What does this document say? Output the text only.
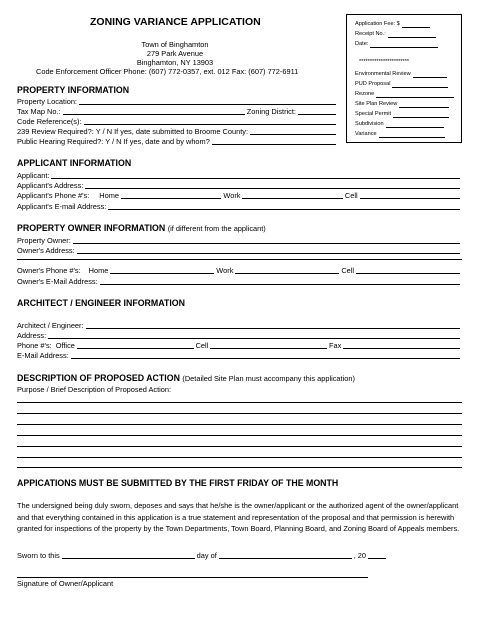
ZONING VARIANCE APPLICATION
Town of Binghamton
279 Park Avenue
Binghamton, NY 13903
Code Enforcement Officer Phone: (607) 772-0357, ext. 012 Fax: (607) 772-6911
Application Fee: $
Receipt No.:
Date:
***********************
Environmental Review
PUD Proposal
Rezone
Site Plan Review
Special Permit
Subdivision
Variance
PROPERTY INFORMATION
Property Location:
Tax Map No.:	Zoning District:
Code Reference(s):
239 Review Required?: Y / N If yes, date submitted to Broome County:
Public Hearing Required?: Y / N If yes, date and by whom?
APPLICANT INFORMATION
Applicant:
Applicant's Address:
Applicant's Phone #'s: Home	Work	Cell
Applicant's E-mail Address:
PROPERTY OWNER INFORMATION (if different from the applicant)
Property Owner:
Owner's Address:
Owner's Phone #'s: Home	Work	Cell
Owner's E-Mail Address:
ARCHITECT / ENGINEER INFORMATION
Architect / Engineer:
Address:
Phone #'s: Office	Cell	Fax
E-Mail Address:
DESCRIPTION OF PROPOSED ACTION (Detailed Site Plan must accompany this application)
Purpose / Brief Description of Proposed Action:
APPICATIONS MUST BE SUBMITTED BY THE FIRST FRIDAY OF THE MONTH
The undersigned being duly sworn, deposes and says that he/she is the owner/applicant or the authorized agent of the owner/applicant and that everything contained in this application is a true statement and representation of the proposal and that permission is herewith granted for inspections of the property by the Town Departments, Town Board, Planning Board, and Zoning Board of Appeals members.
Sworn to this	day of	, 20
Signature of Owner/Applicant
